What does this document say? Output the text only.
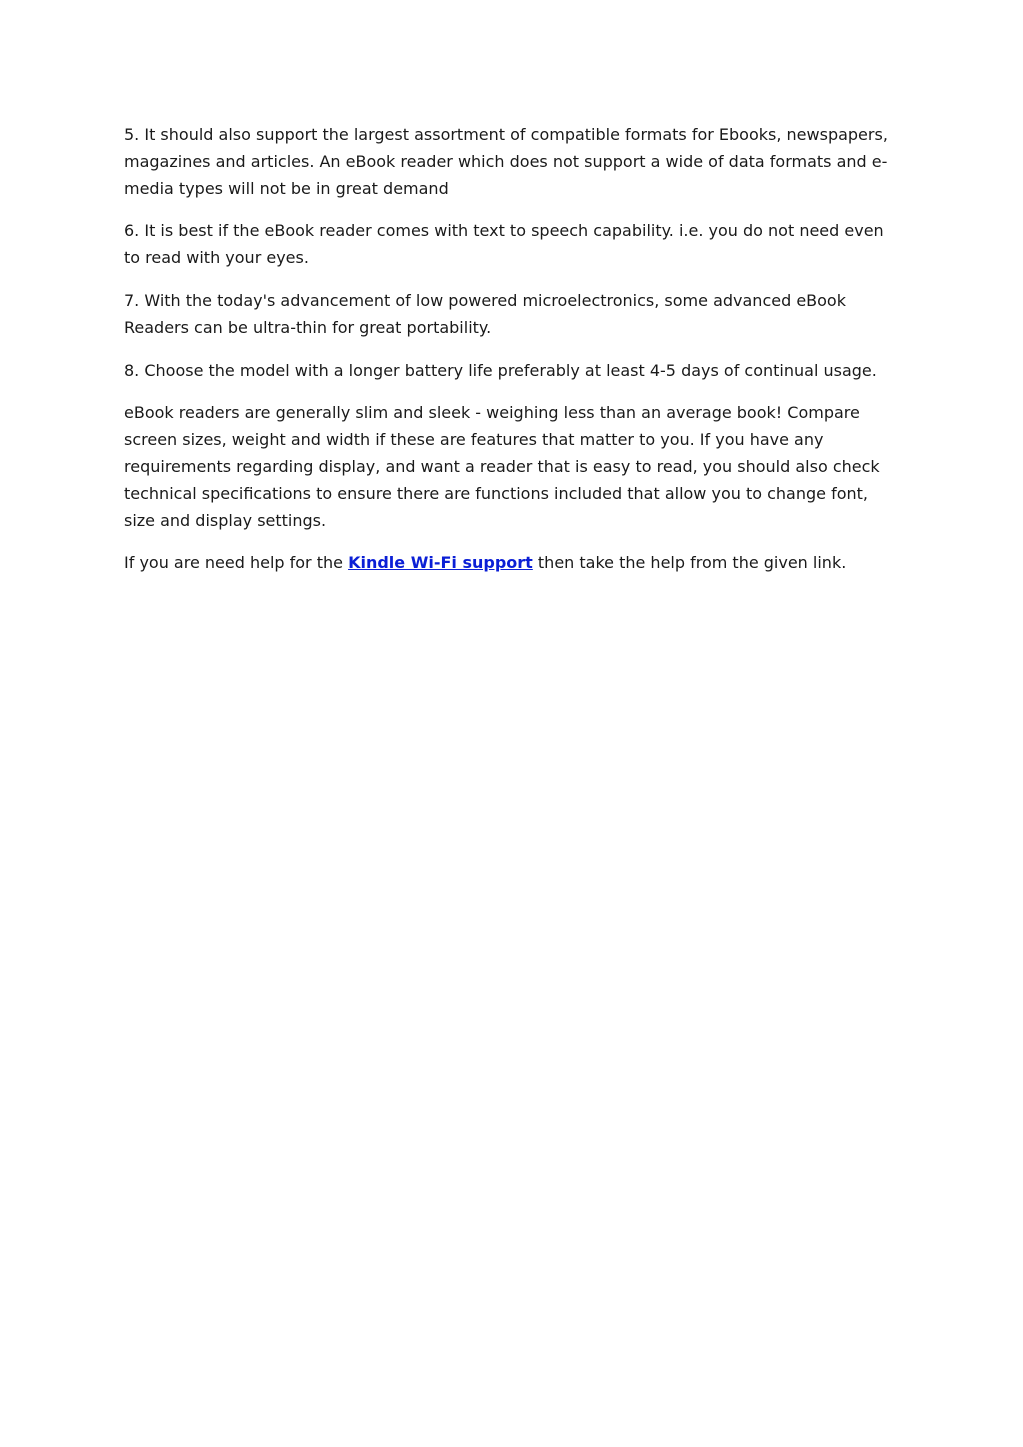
5. It should also support the largest assortment of compatible formats for Ebooks, newspapers, magazines and articles. An eBook reader which does not support a wide of data formats and e-media types will not be in great demand

6. It is best if the eBook reader comes with text to speech capability. i.e. you do not need even to read with your eyes.

7. With the today's advancement of low powered microelectronics, some advanced eBook Readers can be ultra-thin for great portability.

8. Choose the model with a longer battery life preferably at least 4-5 days of continual usage.

eBook readers are generally slim and sleek - weighing less than an average book! Compare screen sizes, weight and width if these are features that matter to you. If you have any requirements regarding display, and want a reader that is easy to read, you should also check technical specifications to ensure there are functions included that allow you to change font, size and display settings.

If you are need help for the Kindle Wi-Fi support then take the help from the given link.
